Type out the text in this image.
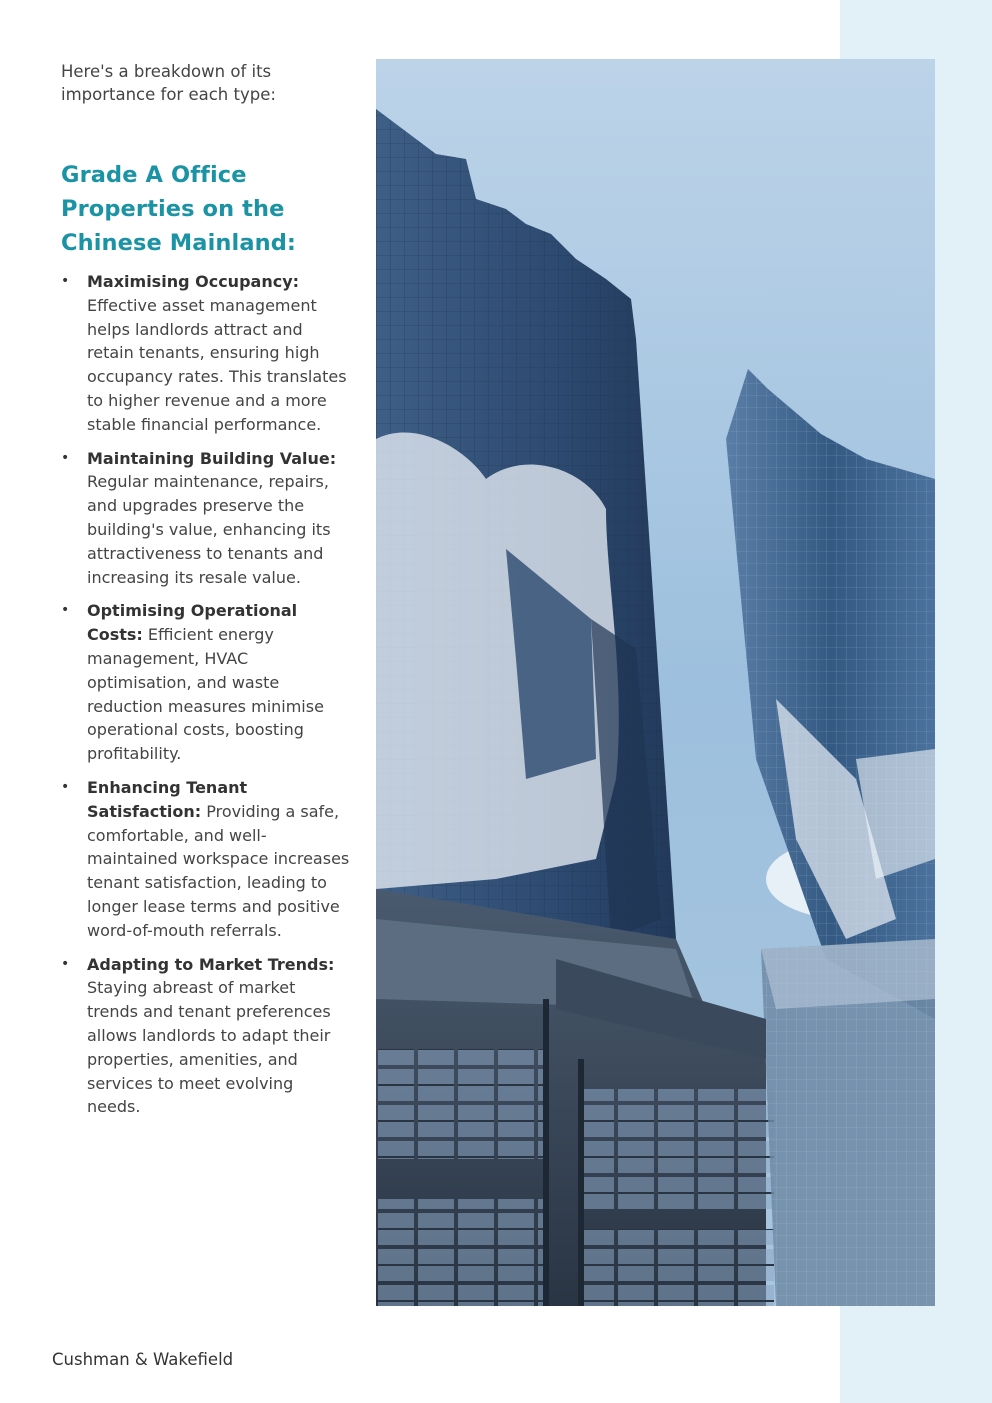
Here's a breakdown of its importance for each type:
Grade A Office Properties on the Chinese Mainland:
• Maximising Occupancy: Effective asset management helps landlords attract and retain tenants, ensuring high occupancy rates. This translates to higher revenue and a more stable financial performance.
• Maintaining Building Value: Regular maintenance, repairs, and upgrades preserve the building's value, enhancing its attractiveness to tenants and increasing its resale value.
• Optimising Operational Costs: Efficient energy management, HVAC optimisation, and waste reduction measures minimise operational costs, boosting profitability.
• Enhancing Tenant Satisfaction: Providing a safe, comfortable, and well-maintained workspace increases tenant satisfaction, leading to longer lease terms and positive word-of-mouth referrals.
• Adapting to Market Trends: Staying abreast of market trends and tenant preferences allows landlords to adapt their properties, amenities, and services to meet evolving needs.
Cushman & Wakefield
